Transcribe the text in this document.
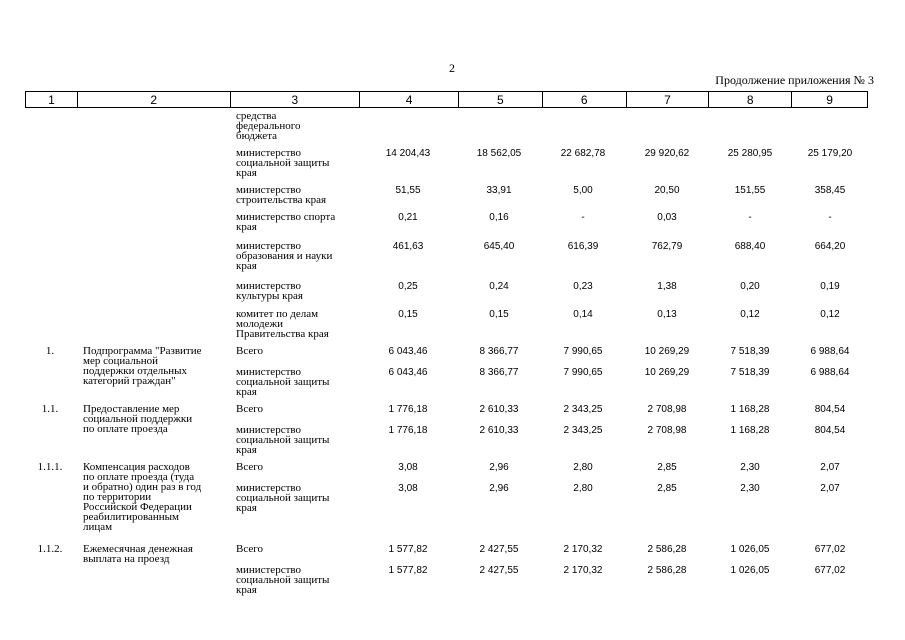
2
Продолжение приложения № 3
1	2	3	4	5	6	7	8	9
средства
федерального
бюджета
министерство
социальной защиты
края
14 204,43	18 562,05	22 682,78	29 920,62	25 280,95	25 179,20
министерство
строительства края
51,55	33,91	5,00	20,50	151,55	358,45
министерство спорта
края
0,21	0,16	-	0,03	-	-
министерство
образования и науки
края
461,63	645,40	616,39	762,79	688,40	664,20
министерство
культуры края
0,25	0,24	0,23	1,38	0,20	0,19
комитет по делам
молодежи
Правительства края
0,15	0,15	0,14	0,13	0,12	0,12
1.	Подпрограмма "Развитие
мер социальной
поддержки отдельных
категорий граждан"
Всего	6 043,46	8 366,77	7 990,65	10 269,29	7 518,39	6 988,64
министерство
социальной защиты
края
6 043,46	8 366,77	7 990,65	10 269,29	7 518,39	6 988,64
1.1.	Предоставление мер
социальной поддержки
по оплате проезда
Всего	1 776,18	2 610,33	2 343,25	2 708,98	1 168,28	804,54
министерство
социальной защиты
края
1 776,18	2 610,33	2 343,25	2 708,98	1 168,28	804,54
1.1.1.	Компенсация расходов
по оплате проезда (туда
и обратно) один раз в год
по территории
Российской Федерации
реабилитированным
лицам
Всего	3,08	2,96	2,80	2,85	2,30	2,07
министерство
социальной защиты
края
3,08	2,96	2,80	2,85	2,30	2,07
1.1.2.	Ежемесячная денежная
выплата на проезд
Всего	1 577,82	2 427,55	2 170,32	2 586,28	1 026,05	677,02
министерство
социальной защиты
края
1 577,82	2 427,55	2 170,32	2 586,28	1 026,05	677,02
